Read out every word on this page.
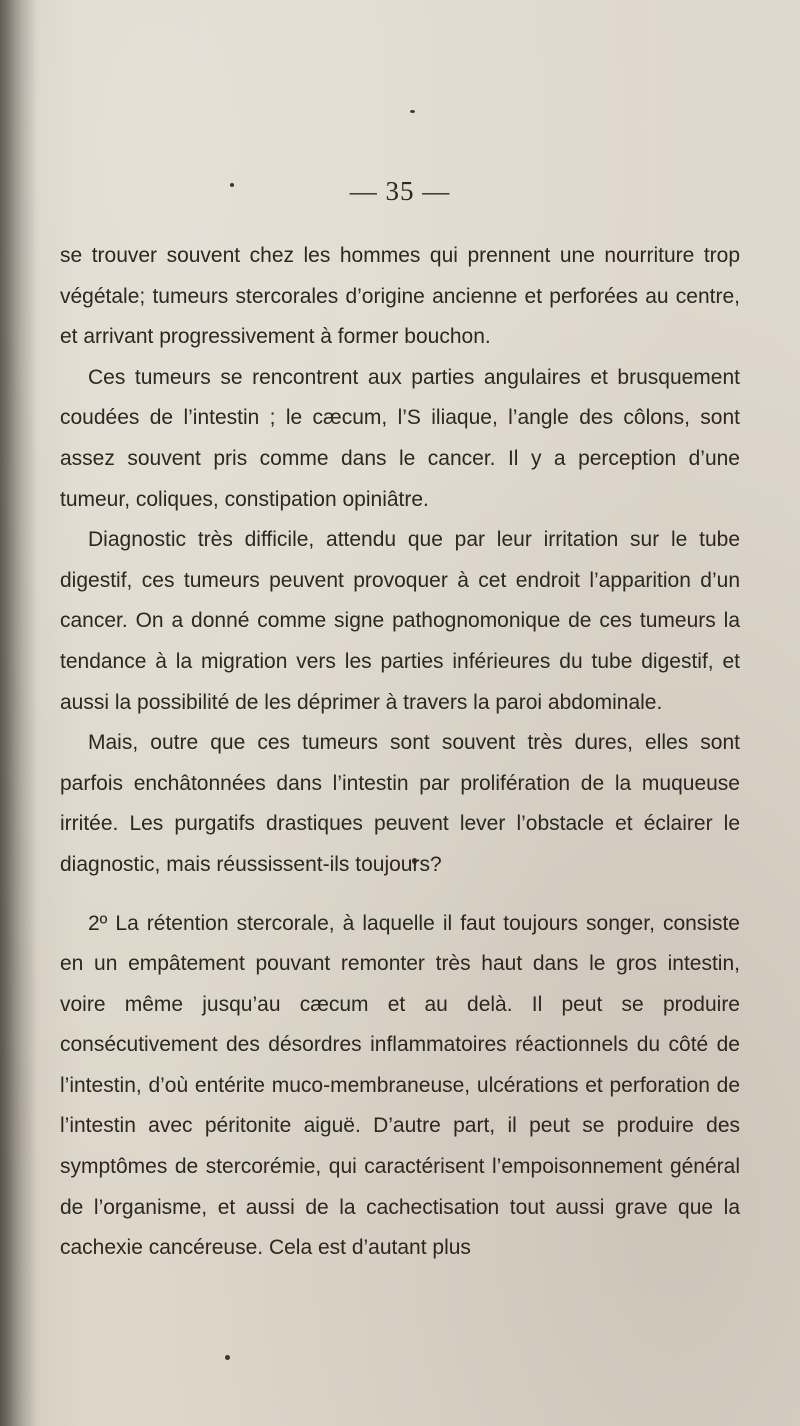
— 35 —

se trouver souvent chez les hommes qui prennent une nourriture trop végétale; tumeurs stercorales d’origine ancienne et perforées au centre, et arrivant progressivement à former bouchon.

Ces tumeurs se rencontrent aux parties angulaires et brusquement coudées de l’intestin ; le cæcum, l’S iliaque, l’angle des côlons, sont assez souvent pris comme dans le cancer. Il y a perception d’une tumeur, coliques, constipation opiniâtre.

Diagnostic très difficile, attendu que par leur irritation sur le tube digestif, ces tumeurs peuvent provoquer à cet endroit l’apparition d’un cancer. On a donné comme signe pathognomonique de ces tumeurs la tendance à la migration vers les parties inférieures du tube digestif, et aussi la possibilité de les déprimer à travers la paroi abdominale.

Mais, outre que ces tumeurs sont souvent très dures, elles sont parfois enchâtonnées dans l’intestin par prolifération de la muqueuse irritée. Les purgatifs drastiques peuvent lever l’obstacle et éclairer le diagnostic, mais réussissent-ils toujours?

2º La rétention stercorale, à laquelle il faut toujours songer, consiste en un empâtement pouvant remonter très haut dans le gros intestin, voire même jusqu’au cæcum et au delà. Il peut se produire consécutivement des désordres inflammatoires réactionnels du côté de l’intestin, d’où entérite muco-membraneuse, ulcérations et perforation de l’intestin avec péritonite aiguë. D’autre part, il peut se produire des symptômes de stercorémie, qui caractérisent l’empoisonnement général de l’organisme, et aussi de la cachectisation tout aussi grave que la cachexie cancéreuse. Cela est d’autant plus
